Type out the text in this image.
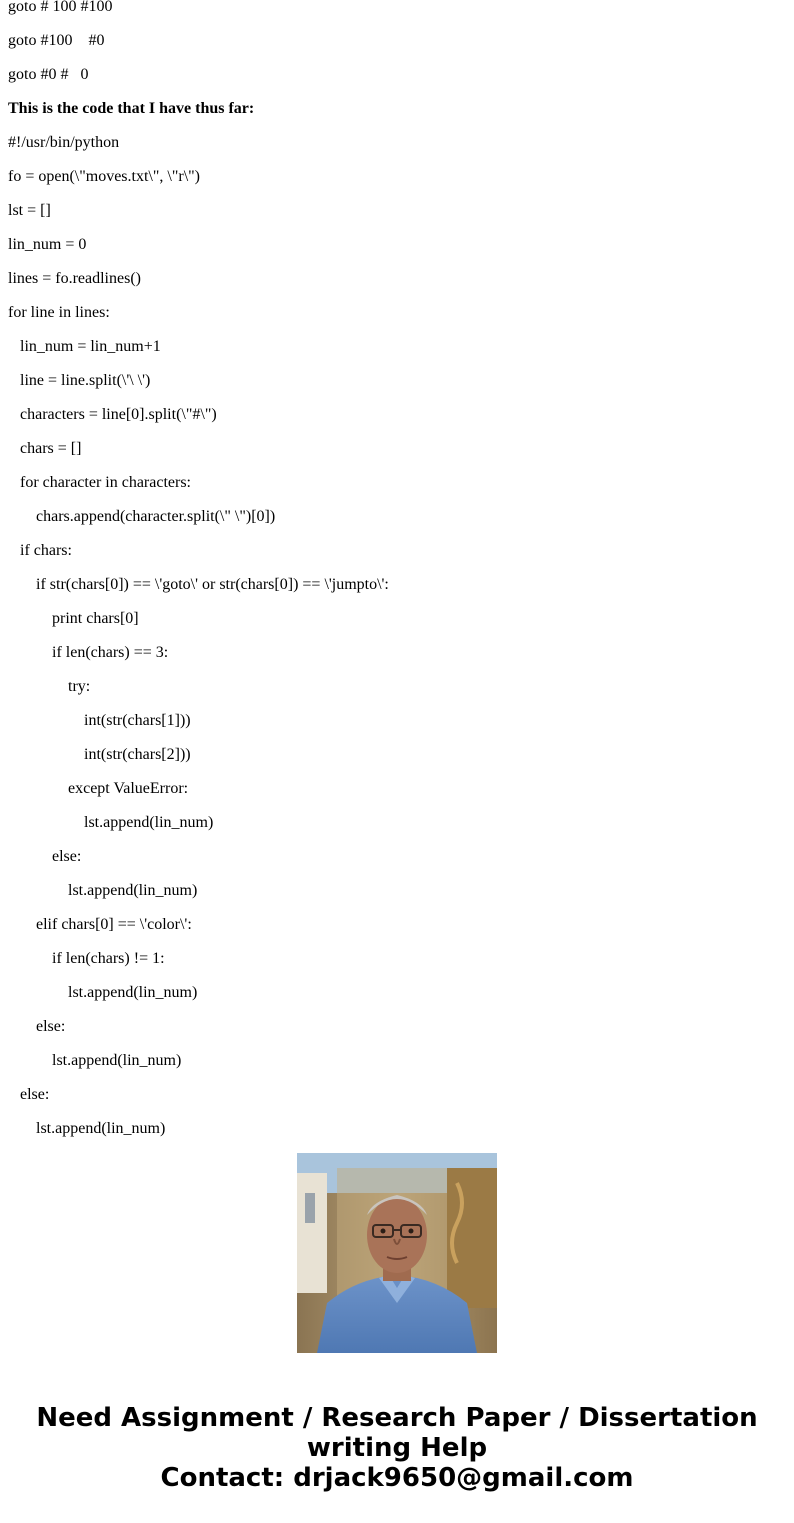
goto # 100 #100
goto #100    #0
goto #0 #   0
This is the code that I have thus far:
#!/usr/bin/python
fo = open(\"moves.txt\", \"r\")
lst = []
lin_num = 0
lines = fo.readlines()
for line in lines:
lin_num = lin_num+1
line = line.split(\'\ \')
characters = line[0].split(\"#\")
chars = []
for character in characters:
chars.append(character.split(\" \")[0])
if chars:
if str(chars[0]) == \'goto\' or str(chars[0]) == \'jumpto\':
print chars[0]
if len(chars) == 3:
try:
int(str(chars[1]))
int(str(chars[2]))
except ValueError:
lst.append(lin_num)
else:
lst.append(lin_num)
elif chars[0] == \'color\':
if len(chars) != 1:
lst.append(lin_num)
else:
lst.append(lin_num)
else:
lst.append(lin_num)
Need Assignment / Research Paper / Dissertation
writing Help
Contact: drjack9650@gmail.com
